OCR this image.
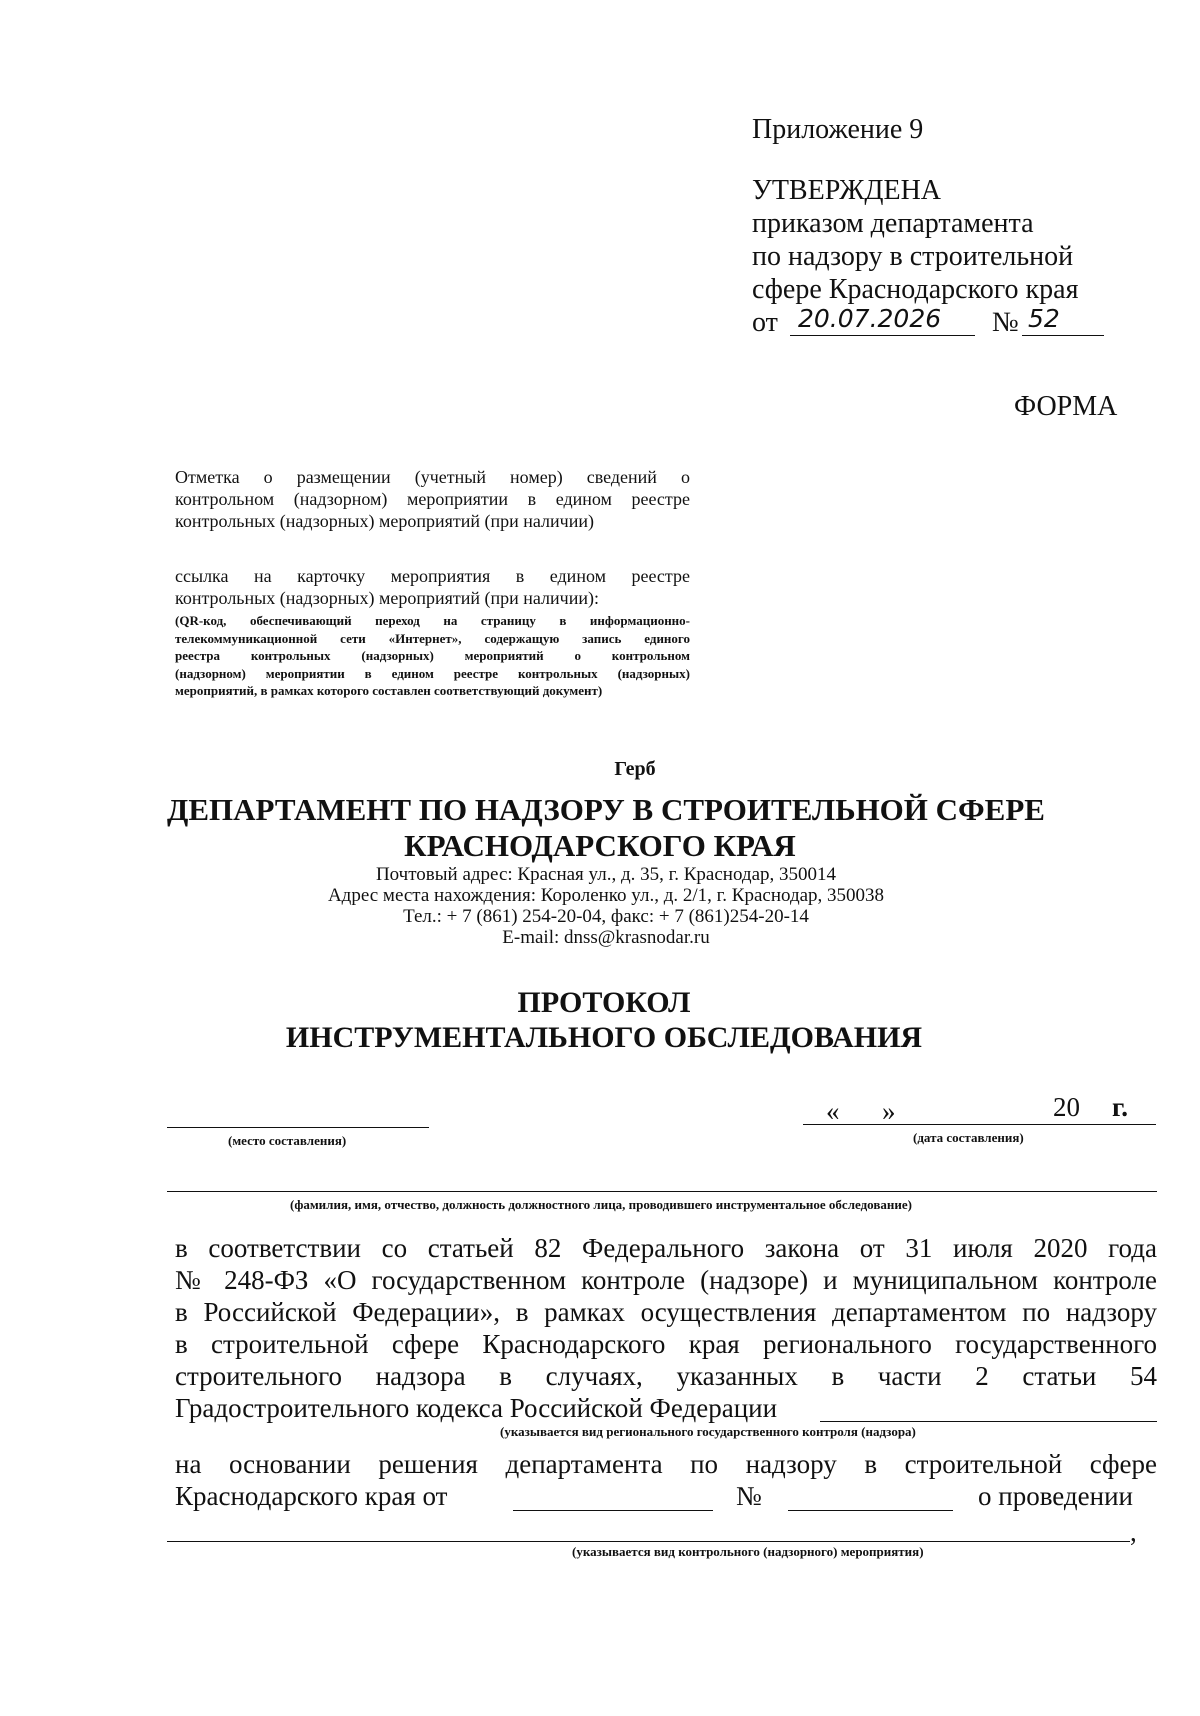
Приложение 9
УТВЕРЖДЕНА
приказом департамента
по надзору в строительной
сфере Краснодарского края
от 20.07.2026 № 52
ФОРМА
Отметка о размещении (учетный номер) сведений о
контрольном (надзорном) мероприятии в едином реестре
контрольных (надзорных) мероприятий (при наличии)
ссылка на карточку мероприятия в едином реестре
контрольных (надзорных) мероприятий (при наличии):
(QR-код, обеспечивающий переход на страницу в информационно-
телекоммуникационной сети «Интернет», содержащую запись единого
реестра контрольных (надзорных) мероприятий о контрольном
(надзорном) мероприятии в едином реестре контрольных (надзорных)
мероприятий, в рамках которого составлен соответствующий документ)
Герб
ДЕПАРТАМЕНТ ПО НАДЗОРУ В СТРОИТЕЛЬНОЙ СФЕРЕ
КРАСНОДАРСКОГО КРАЯ
Почтовый адрес: Красная ул., д. 35, г. Краснодар, 350014
Адрес места нахождения: Короленко ул., д. 2/1, г. Краснодар, 350038
Тел.: + 7 (861) 254-20-04, факс: + 7 (861)254-20-14
E-mail: dnss@krasnodar.ru
ПРОТОКОЛ
ИНСТРУМЕНТАЛЬНОГО ОБСЛЕДОВАНИЯ
(место составления)
« »	20 г.
(дата составления)
(фамилия, имя, отчество, должность должностного лица, проводившего инструментальное обследование)
в соответствии со статьей 82 Федерального закона от 31 июля 2020 года
№ 248-ФЗ «О государственном контроле (надзоре) и муниципальном контроле
в Российской Федерации», в рамках осуществления департаментом по надзору
в строительной сфере Краснодарского края регионального государственного
строительного надзора в случаях, указанных в части 2 статьи 54
Градостроительного кодекса Российской Федерации
(указывается вид регионального государственного контроля (надзора)
на основании решения департамента по надзору в строительной сфере
Краснодарского края от	№	о проведении
,
(указывается вид контрольного (надзорного) мероприятия)
